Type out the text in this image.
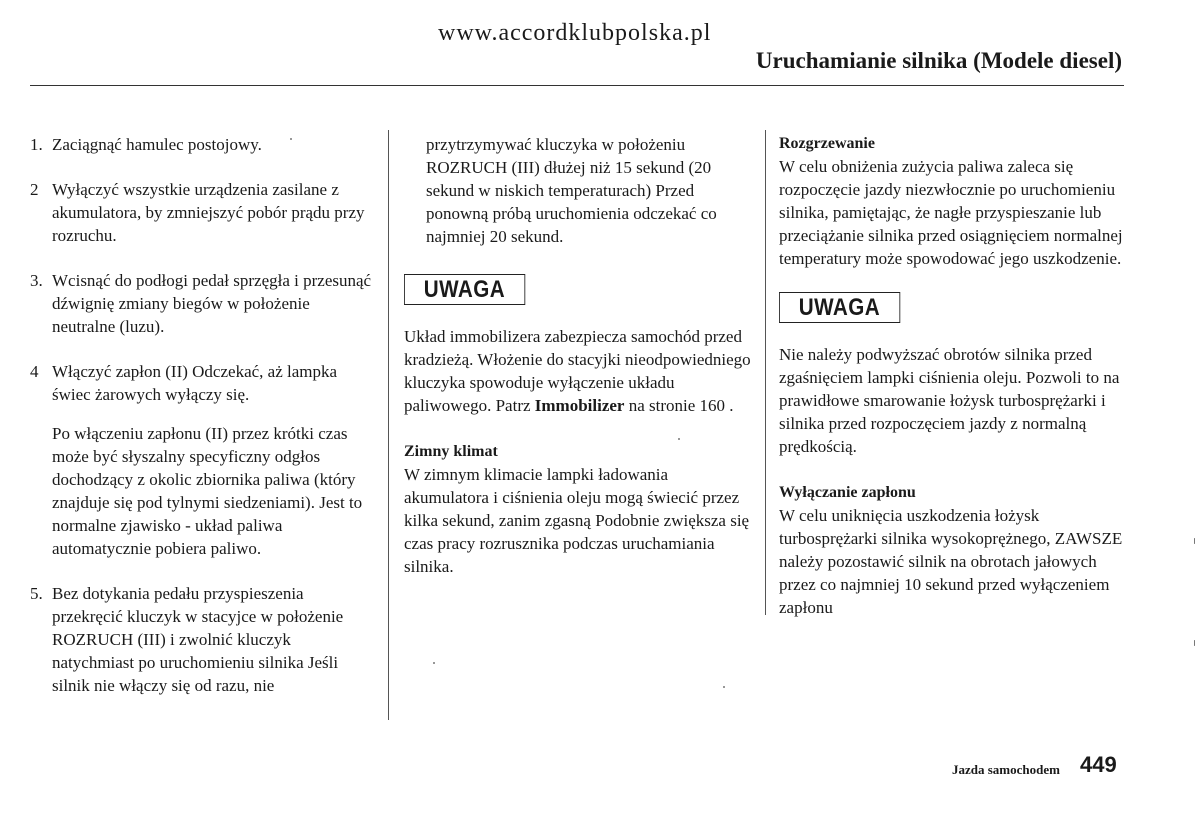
www.accordklubpolska.pl
Uruchamianie silnika (Modele diesel)
1. Zaciągnąć hamulec postojowy.
2 Wyłączyć wszystkie urządzenia zasilane z akumulatora, by zmniejszyć pobór prądu przy rozruchu.
3. Wcisnąć do podłogi pedał sprzęgła i przesunąć dźwignię zmiany biegów w położenie neutralne (luzu).
4 Włączyć zapłon (II) Odczekać, aż lampka świec żarowych wyłączy się.
Po włączeniu zapłonu (II) przez krótki czas może być słyszalny specyficzny odgłos dochodzący z okolic zbiornika paliwa (który znajduje się pod tylnymi siedzeniami). Jest to normalne zjawisko - układ paliwa automatycznie pobiera paliwo.
5. Bez dotykania pedału przyspieszenia przekręcić kluczyk w stacyjce w położenie ROZRUCH (III) i zwolnić kluczyk natychmiast po uruchomieniu silnika Jeśli silnik nie włączy się od razu, nie
przytrzymywać kluczyka w położeniu ROZRUCH (III) dłużej niż 15 sekund (20 sekund w niskich temperaturach) Przed ponowną próbą uruchomienia odczekać co najmniej 20 sekund.
UWAGA
Układ immobilizera zabezpiecza samochód przed kradzieżą. Włożenie do stacyjki nieodpowiedniego kluczyka spowoduje wyłączenie układu paliwowego. Patrz Immobilizer na stronie 160 .
Zimny klimat
W zimnym klimacie lampki ładowania akumulatora i ciśnienia oleju mogą świecić przez kilka sekund, zanim zgasną Podobnie zwiększa się czas pracy rozrusznika podczas uruchamiania silnika.
Rozgrzewanie
W celu obniżenia zużycia paliwa zaleca się rozpoczęcie jazdy niezwłocznie po uruchomieniu silnika, pamiętając, że nagłe przyspieszanie lub przeciążanie silnika przed osiągnięciem normalnej temperatury może spowodować jego uszkodzenie.
UWAGA
Nie należy podwyższać obrotów silnika przed zgaśnięciem lampki ciśnienia oleju. Pozwoli to na prawidłowe smarowanie łożysk turbosprężarki i silnika przed rozpoczęciem jazdy z normalną prędkością.
Wyłączanie zapłonu
W celu uniknięcia uszkodzenia łożysk turbosprężarki silnika wysokoprężnego, ZAWSZE należy pozostawić silnik na obrotach jałowych przez co najmniej 10 sekund przed wyłączeniem zapłonu
Jazda samochodem 449
